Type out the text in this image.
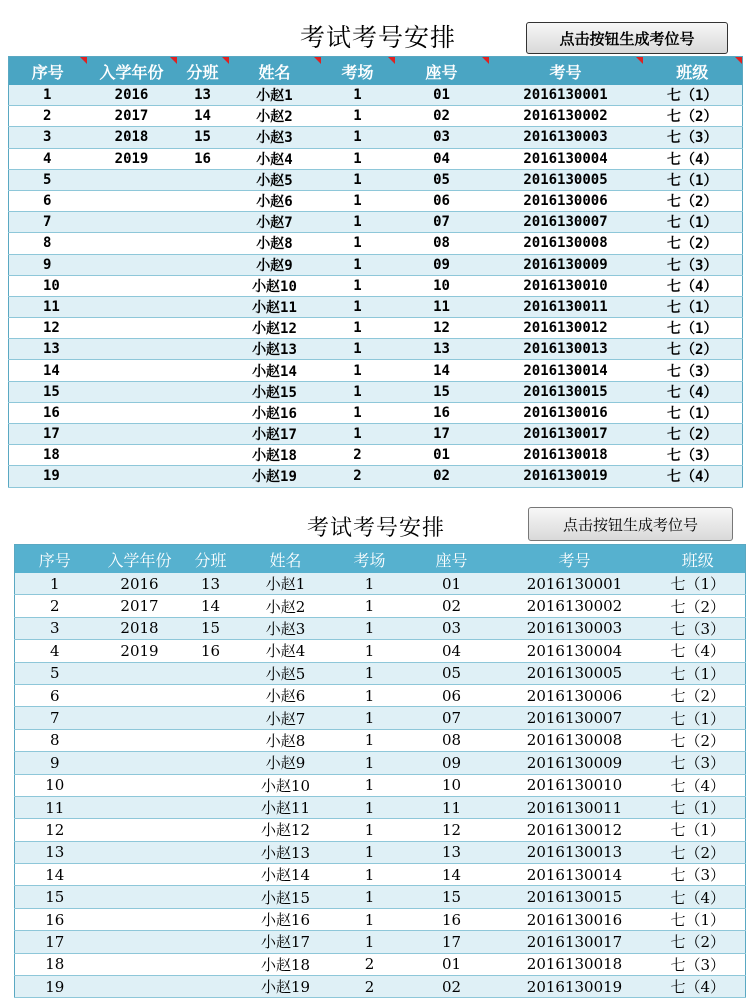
考试考号安排	点击按钮生成考位号
序号	入学年份	分班	姓名	考场	座号	考号	班级
1	2016	13	小赵1	1	01	2016130001	七（1）
2	2017	14	小赵2	1	02	2016130002	七（2）
3	2018	15	小赵3	1	03	2016130003	七（3）
4	2019	16	小赵4	1	04	2016130004	七（4）
5			小赵5	1	05	2016130005	七（1）
6			小赵6	1	06	2016130006	七（2）
7			小赵7	1	07	2016130007	七（1）
8			小赵8	1	08	2016130008	七（2）
9			小赵9	1	09	2016130009	七（3）
10			小赵10	1	10	2016130010	七（4）
11			小赵11	1	11	2016130011	七（1）
12			小赵12	1	12	2016130012	七（1）
13			小赵13	1	13	2016130013	七（2）
14			小赵14	1	14	2016130014	七（3）
15			小赵15	1	15	2016130015	七（4）
16			小赵16	1	16	2016130016	七（1）
17			小赵17	1	17	2016130017	七（2）
18			小赵18	2	01	2016130018	七（3）
19			小赵19	2	02	2016130019	七（4）
考试考号安排	点击按钮生成考位号
序号	入学年份	分班	姓名	考场	座号	考号	班级
1	2016	13	小赵1	1	01	2016130001	七（1）
2	2017	14	小赵2	1	02	2016130002	七（2）
3	2018	15	小赵3	1	03	2016130003	七（3）
4	2019	16	小赵4	1	04	2016130004	七（4）
5			小赵5	1	05	2016130005	七（1）
6			小赵6	1	06	2016130006	七（2）
7			小赵7	1	07	2016130007	七（1）
8			小赵8	1	08	2016130008	七（2）
9			小赵9	1	09	2016130009	七（3）
10			小赵10	1	10	2016130010	七（4）
11			小赵11	1	11	2016130011	七（1）
12			小赵12	1	12	2016130012	七（1）
13			小赵13	1	13	2016130013	七（2）
14			小赵14	1	14	2016130014	七（3）
15			小赵15	1	15	2016130015	七（4）
16			小赵16	1	16	2016130016	七（1）
17			小赵17	1	17	2016130017	七（2）
18			小赵18	2	01	2016130018	七（3）
19			小赵19	2	02	2016130019	七（4）
